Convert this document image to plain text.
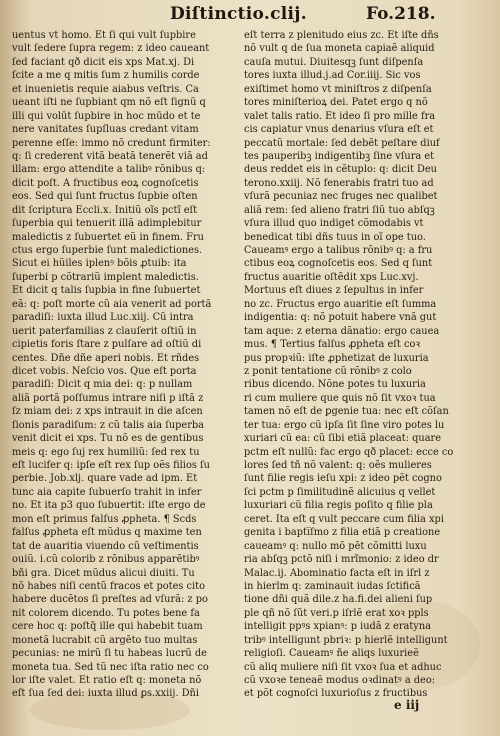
Diſtinctio.clij.	Fo.218.
uentus vt homo. Et ſi qui vult ſupbire
vult ſedere ſupra regem: z ideo caueant
ſed faciant qð dicit eis xps Mat.xj. Di
ſcite a me q mitis ſum z humilis corde
et inuenietis requie aiabus veſtris. Ca
ueant iſti ne ſupbiant qm nõ eſt ſignũ q
illi qui volūt ſupbire in hoc mūdo et te
nere vanitates ſupſluas credant vitam
perenne eſſe: immo nõ credunt firmiter:
q: ſi crederent vitã beatã tenerẽt viã ad
illam: ergo attendite a talibꝰ rõnibus q:
dicit poſt. A fructibus eoꝝ cognoſcetis
eos. Sed qui ſunt fructus ſupbie oſten
dit ſcriptura Eccli.x. Initiũ oĩs pctĩ eſt
ſuperbia qui tenuerit illã adimplebitur
maledictis z ſubuertet eũ in finem. Fru
ctus ergo ſuperbie ſunt maledictiones.
Sicut ei hũiles iplenꝰ bõis ꝓtuib: ita
ſuperbi p cõtrariũ implent maledictis.
Et dicit q talis ſupbia in fine ſubuertet
eã: q: poſt morte cũ aia venerit ad portã
paradiſi: iuxta illud Luc.xiij. Cũ intra
uerit paterfamilias z clauſerit oſtiũ in
cipietis foris ſtare z pulſare ad oſtiũ di
centes. Dñe dñe aperi nobis. Et rñdes
dicet vobis. Neſcio vos. Que eſt porta
paradiſi: Dicit q mia dei: q: p nullam
aliã portã poſſumus intrare niſi p iſtã z
ſz miam dei: z xps intrauit in die aſcen
ſionis paradiſum: z cũ talis aia ſuperba
venit dicit ei xps. Tu nõ es de gentibus
meis q: ego ſuj rex humiliũ: ſed rex tu
eſt lucifer q: ipſe eſt rex ſup oẽs filios ſu
perbie. Job.xlj. quare vade ad ipm. Et
tunc aia capite ſubuerſo trahit in infer
no. Et ita p3 quo ſubuertit: iſte ergo de
mon eſt primus falſus ꝓpheta. ¶ Scds
falſus ꝓpheta eſt mũdus q maxime ten
tat de auaritia viuendo cũ veſtimentis
ouiũ. i.cũ colorib z rõnibus apparẽtibꝰ
bñi gra. Dicet mũdus alicui diuiti. Tu
nõ habes niſi centũ fracos et potes cito
habere ducẽtos ſi preſtes ad vſurã: z po
nit colorem dicendo. Tu potes bene fa
cere hoc q: poſtq̃ ille qui habebit tuam
monetã lucrabit cũ argẽto tuo multas
pecunias: ne mirũ ſi tu habeas lucrũ de
moneta tua. Sed tũ nec iſta ratio nec co
lor iſte valet. Et ratio eſt q: moneta nõ
eſt ſua ſed dei: iuxta illud ꝑs.xxiij. Dñi
eſt terra z plenitudo eius zc. Et iſte dñs
nõ vult q de ſua moneta capiaẽ aliquid
cauſa mutui. Diuitesqꝫ ſunt diſpenſa
tores iuxta illud.j.ad Cor.iiij. Sic vos
exiſtimet homo vt miniſtros z diſpenſa
tores miniſterioꝝ dei. Patet ergo q nõ
valet talis ratio. Et ideo ſi pro mille fra
cis capiatur vnus denarius vſura eſt et
peccatũ mortale: ſed debẽt peſtare diuf
tes pauperibꝫ indigentibꝫ ſine vſura et
deus reddet eis in cẽtuplo: q: dicit Deu
terono.xxiij. Nõ fenerabis fratri tuo ad
vſurã pecuniaz nec fruges nec qualibet
aliã rem: ſed alieno fratri ſiũ tuo abſqꝫ
vſura illud quo indiget cõmodabis vt
benedicat tibi dñs tuus in oĩ ope tuo.
Caueamꝰ ergo a talibus rõnibꝰ q: a fru
ctibus eoꝝ cognoſcetis eos. Sed q ſunt
fructus auaritie oſtẽdit xps Luc.xvj.
Mortuus eſt diues z ſepultus in infer
no zc. Fructus ergo auaritie eſt ſumma
indigentia: q: nõ potuit habere vnã gut
tam aque: z eterna dãnatio: ergo cauea
mus. ¶ Tertius falſus ꝓpheta eſt coꝛ
pus propꝛiũ: iſte ꝓphetizat de luxuria
z ponit tentatione cũ rõnibꝰ z colo
ribus dicendo. Nõne potes tu luxuria
ri cum muliere que ꝗuis nõ ſit vxoꝛ tua
tamen nõ eſt de ꝑgenie tua: nec eſt cõſan
ter tua: ergo cũ ipſa ſit ſine viro potes lu
xuriari cũ ea: cũ ſibi etiã placeat: quare
pctm eſt nullũ: fac ergo qð placet: ecce co
lores ſed tñ nõ valent: q: oẽs mulieres
ſunt filie regis ieſu xpi: z ideo pẽt cogno
ſci pctm p ſimilitudinẽ alicuius q vellet
luxuriari cũ filia regis poſito q filie pla
ceret. Ita eſt q vult peccare cum filia xpi
genita i bapti̅ſmo z filia etiã p creatione
caueamꝰ q: nullo mõ pẽt cõmitti luxu
ria abſqꝫ pctõ niſi i mrĩmonio: z ideo dr
Malac.ij. Abominatio facta eſt in iſrl z
in hierlm q: zaminauit iudas ſctificã
tione dñi quã dile.z ha.fi.dei alieni ſup
ple qñ nõ ſũt veri.p iſrlẽ erat xoꝛ ppls
intelligit ppꝰs xpianꝰ: p iudã z eratyna
tribꝰ intelligunt pbriꝛ: p hierlẽ intelligunt
religioſi. Caueamꝰ ñe aliqs luxurieẽ
cũ aliq muliere niſi ſit vxoꝛ ſua et adhuc
cũ vxoꝛe teneaẽ modus oꝛdinatꝰ a deo:
et põt cognoſci luxurioſus z fructibus
e iij
